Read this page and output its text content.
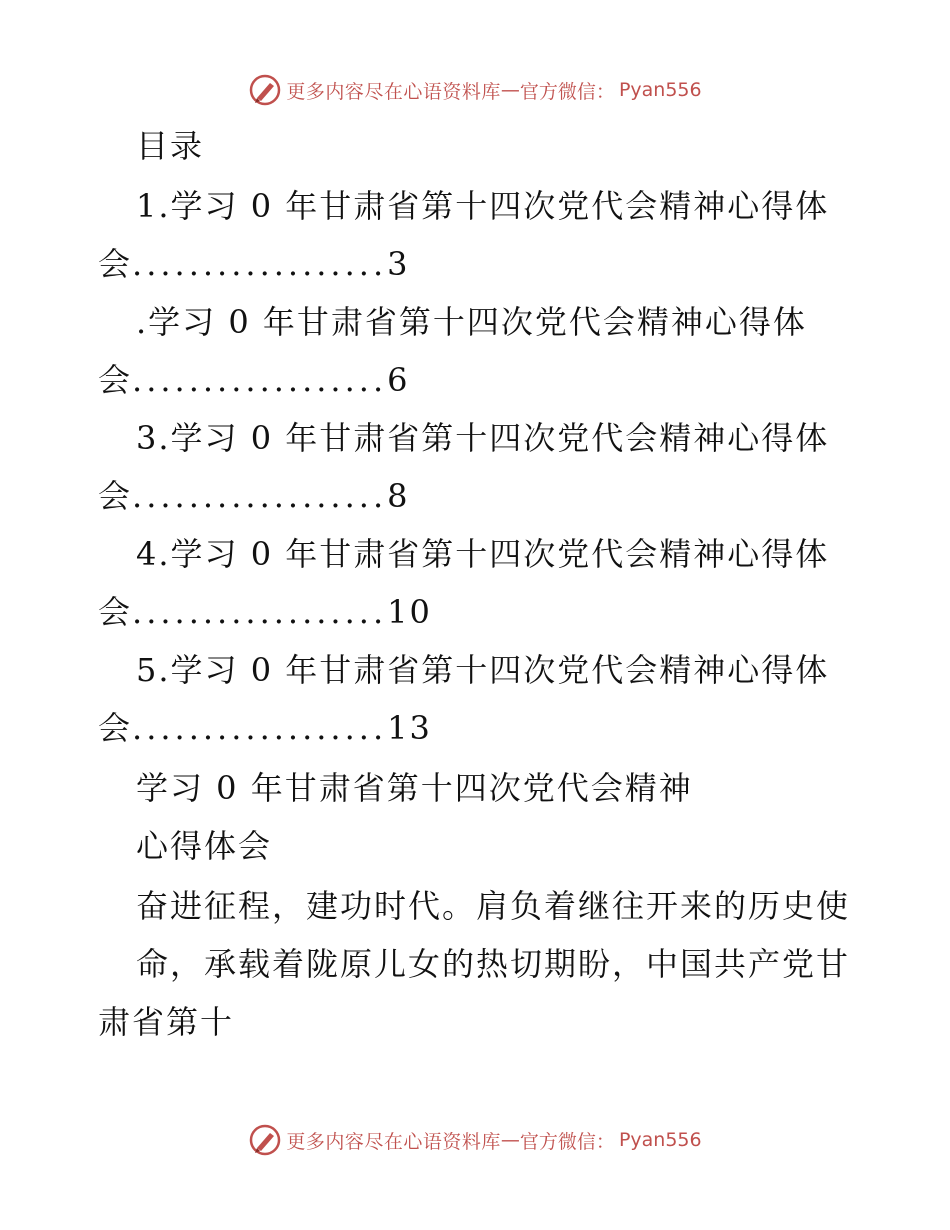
更多内容尽在心语资料库 — 官方微信： Pyan556
目录
1.学习 0 年甘肃省第十四次党代会精神心得体
会..................3
.学习 0 年甘肃省第十四次党代会精神心得体
会..................6
3.学习 0 年甘肃省第十四次党代会精神心得体
会..................8
4.学习 0 年甘肃省第十四次党代会精神心得体
会..................10
5.学习 0 年甘肃省第十四次党代会精神心得体
会..................13
学习 0 年甘肃省第十四次党代会精神
心得体会
奋进征程，建功时代。肩负着继往开来的历史使
命，承载着陇原儿女的热切期盼，中国共产党甘
肃省第十
更多内容尽在心语资料库 — 官方微信： Pyan556
